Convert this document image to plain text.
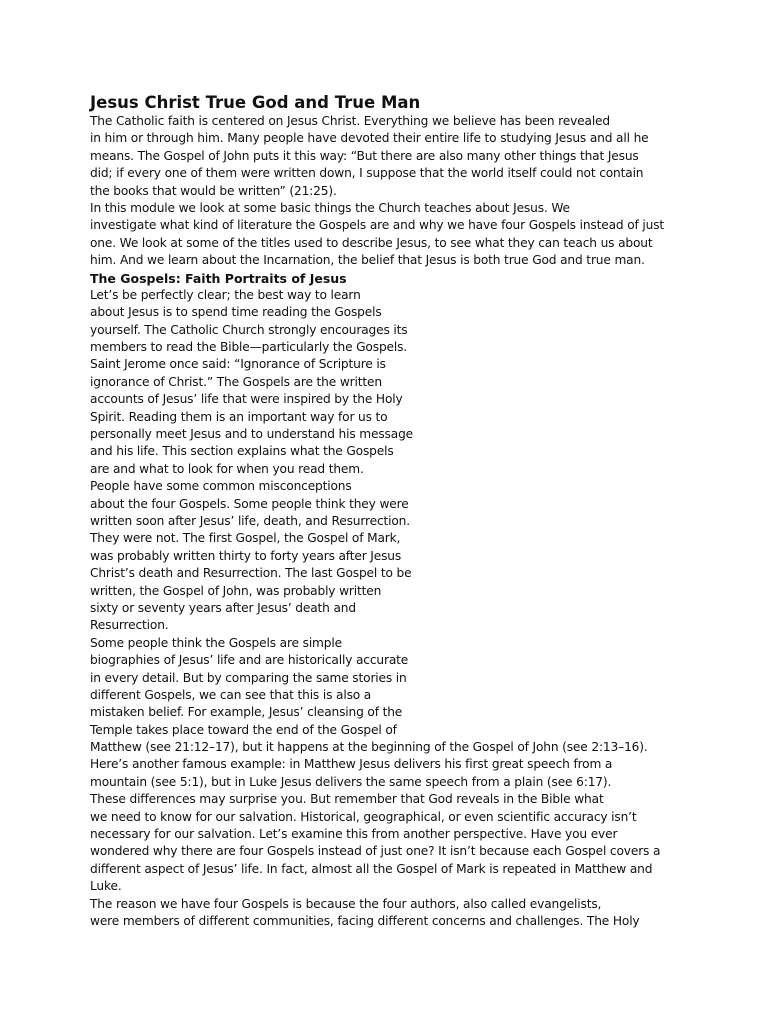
Jesus Christ True God and True Man
The Catholic faith is centered on Jesus Christ. Everything we believe has been revealed
in him or through him. Many people have devoted their entire life to studying Jesus and all he
means. The Gospel of John puts it this way: “But there are also many other things that Jesus
did; if every one of them were written down, I suppose that the world itself could not contain
the books that would be written” (21:25).
In this module we look at some basic things the Church teaches about Jesus. We
investigate what kind of literature the Gospels are and why we have four Gospels instead of just
one. We look at some of the titles used to describe Jesus, to see what they can teach us about
him. And we learn about the Incarnation, the belief that Jesus is both true God and true man.
The Gospels: Faith Portraits of Jesus
Let’s be perfectly clear; the best way to learn
about Jesus is to spend time reading the Gospels
yourself. The Catholic Church strongly encourages its
members to read the Bible—particularly the Gospels.
Saint Jerome once said: “Ignorance of Scripture is
ignorance of Christ.” The Gospels are the written
accounts of Jesus’ life that were inspired by the Holy
Spirit. Reading them is an important way for us to
personally meet Jesus and to understand his message
and his life. This section explains what the Gospels
are and what to look for when you read them.
People have some common misconceptions
about the four Gospels. Some people think they were
written soon after Jesus’ life, death, and Resurrection.
They were not. The first Gospel, the Gospel of Mark,
was probably written thirty to forty years after Jesus
Christ’s death and Resurrection. The last Gospel to be
written, the Gospel of John, was probably written
sixty or seventy years after Jesus’ death and
Resurrection.
Some people think the Gospels are simple
biographies of Jesus’ life and are historically accurate
in every detail. But by comparing the same stories in
different Gospels, we can see that this is also a
mistaken belief. For example, Jesus’ cleansing of the
Temple takes place toward the end of the Gospel of
Matthew (see 21:12–17), but it happens at the beginning of the Gospel of John (see 2:13–16).
Here’s another famous example: in Matthew Jesus delivers his first great speech from a
mountain (see 5:1), but in Luke Jesus delivers the same speech from a plain (see 6:17).
These differences may surprise you. But remember that God reveals in the Bible what
we need to know for our salvation. Historical, geographical, or even scientific accuracy isn’t
necessary for our salvation. Let’s examine this from another perspective. Have you ever
wondered why there are four Gospels instead of just one? It isn’t because each Gospel covers a
different aspect of Jesus’ life. In fact, almost all the Gospel of Mark is repeated in Matthew and
Luke.
The reason we have four Gospels is because the four authors, also called evangelists,
were members of different communities, facing different concerns and challenges. The Holy
